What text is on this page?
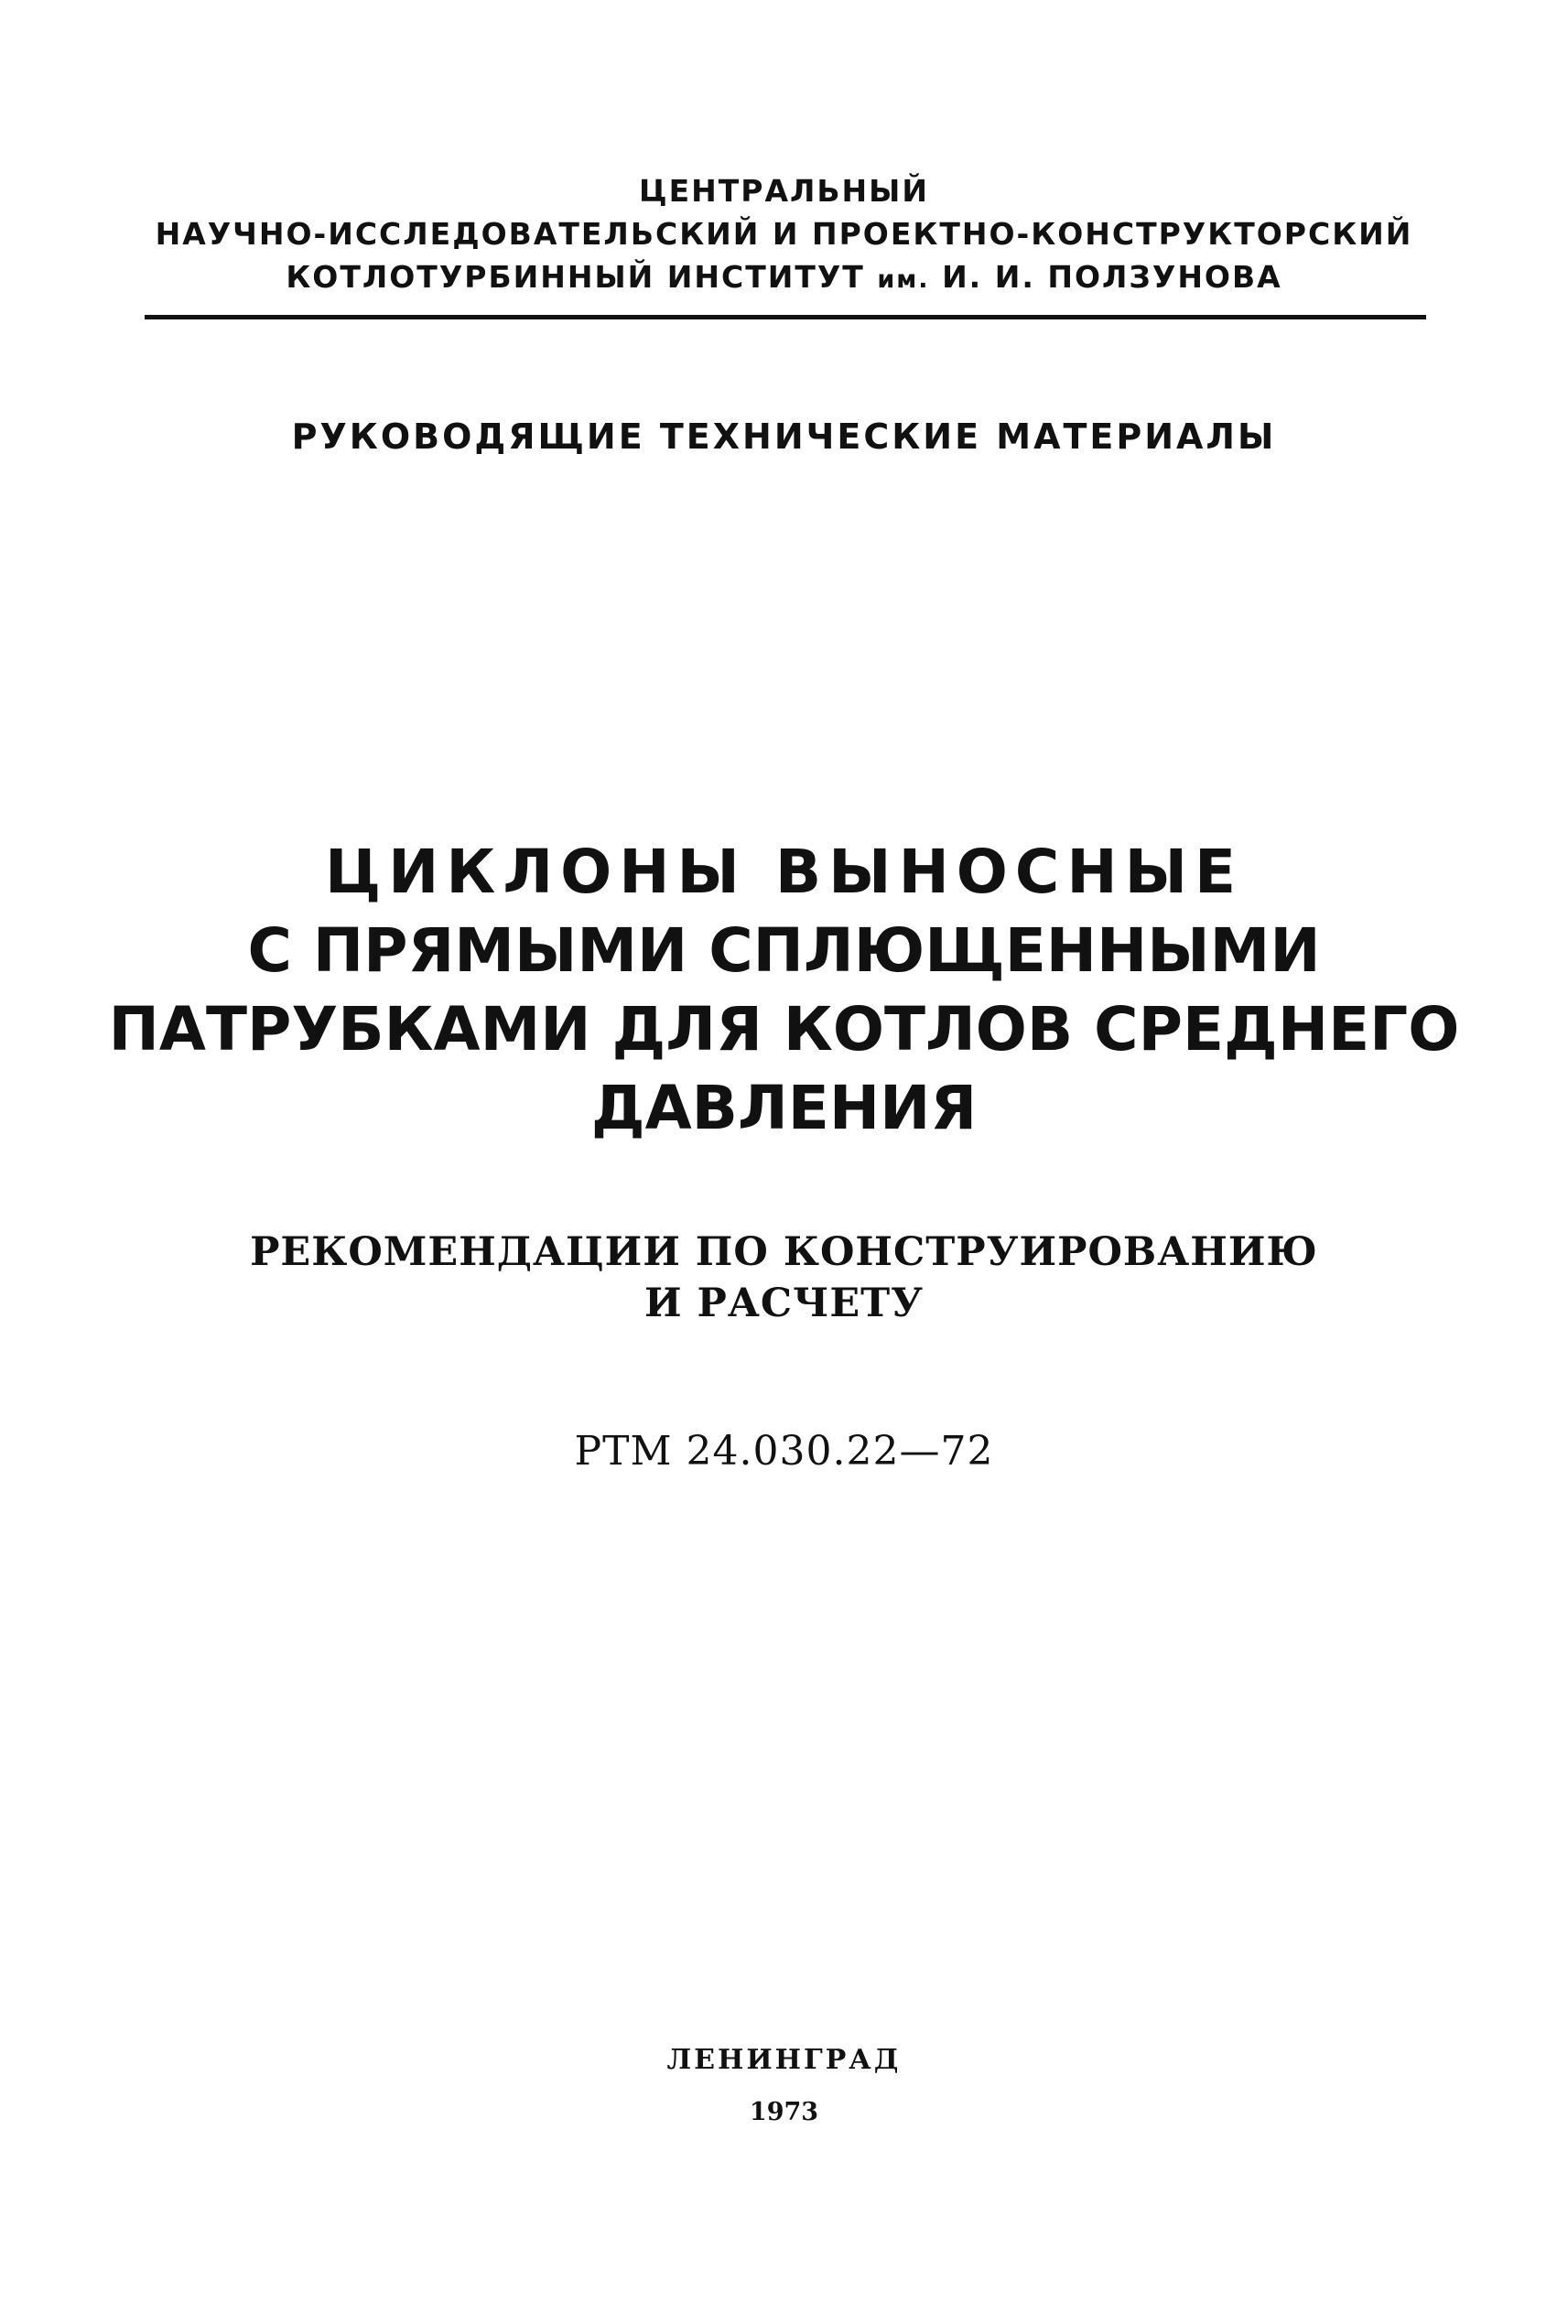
ЦЕНТРАЛЬНЫЙ
НАУЧНО-ИССЛЕДОВАТЕЛЬСКИЙ И ПРОЕКТНО-КОНСТРУКТОРСКИЙ
КОТЛОТУРБИННЫЙ ИНСТИТУТ им. И. И. ПОЛЗУНОВА
РУКОВОДЯЩИЕ ТЕХНИЧЕСКИЕ МАТЕРИАЛЫ
ЦИКЛОНЫ ВЫНОСНЫЕ
С ПРЯМЫМИ СПЛЮЩЕННЫМИ
ПАТРУБКАМИ ДЛЯ КОТЛОВ СРЕДНЕГО
ДАВЛЕНИЯ
РЕКОМЕНДАЦИИ ПО КОНСТРУИРОВАНИЮ
И РАСЧЕТУ
РТМ 24.030.22—72
ЛЕНИНГРАД
1973
